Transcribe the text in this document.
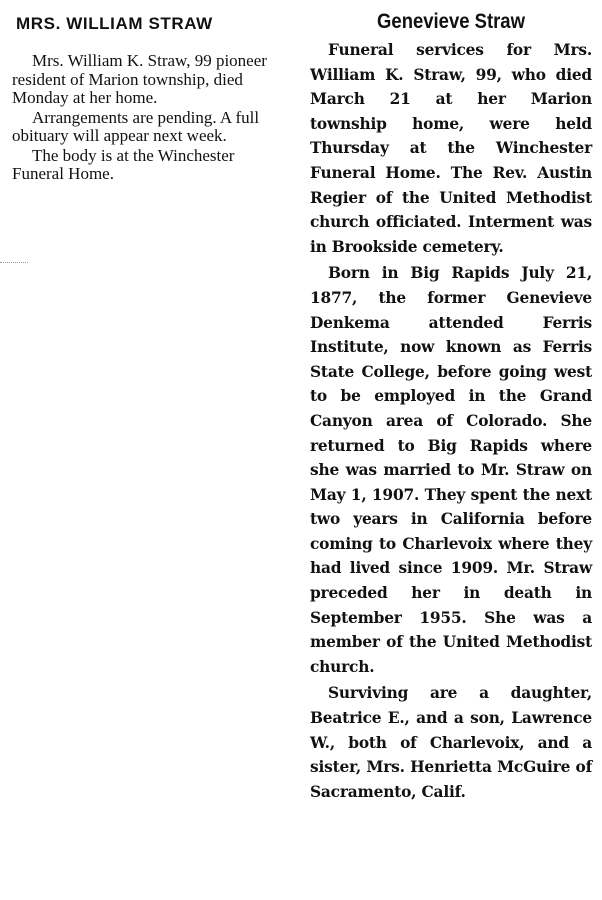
MRS. WILLIAM STRAW

Mrs. William K. Straw, 99 pioneer resident of Marion township, died Monday at her home.

Arrangements are pending. A full obituary will appear next week.

The body is at the Winchester Funeral Home.

Genevieve Straw

Funeral services for Mrs. William K. Straw, 99, who died March 21 at her Marion township home, were held Thursday at the Winchester Funeral Home. The Rev. Austin Regier of the United Methodist church officiated. Interment was in Brookside cemetery.

Born in Big Rapids July 21, 1877, the former Genevieve Denkema attended Ferris Institute, now known as Ferris State College, before going west to be employed in the Grand Canyon area of Colorado. She returned to Big Rapids where she was married to Mr. Straw on May 1, 1907. They spent the next two years in California before coming to Charlevoix where they had lived since 1909. Mr. Straw preceded her in death in September 1955. She was a member of the United Methodist church.

Surviving are a daughter, Beatrice E., and a son, Lawrence W., both of Charlevoix, and a sister, Mrs. Henrietta McGuire of Sacramento, Calif.
